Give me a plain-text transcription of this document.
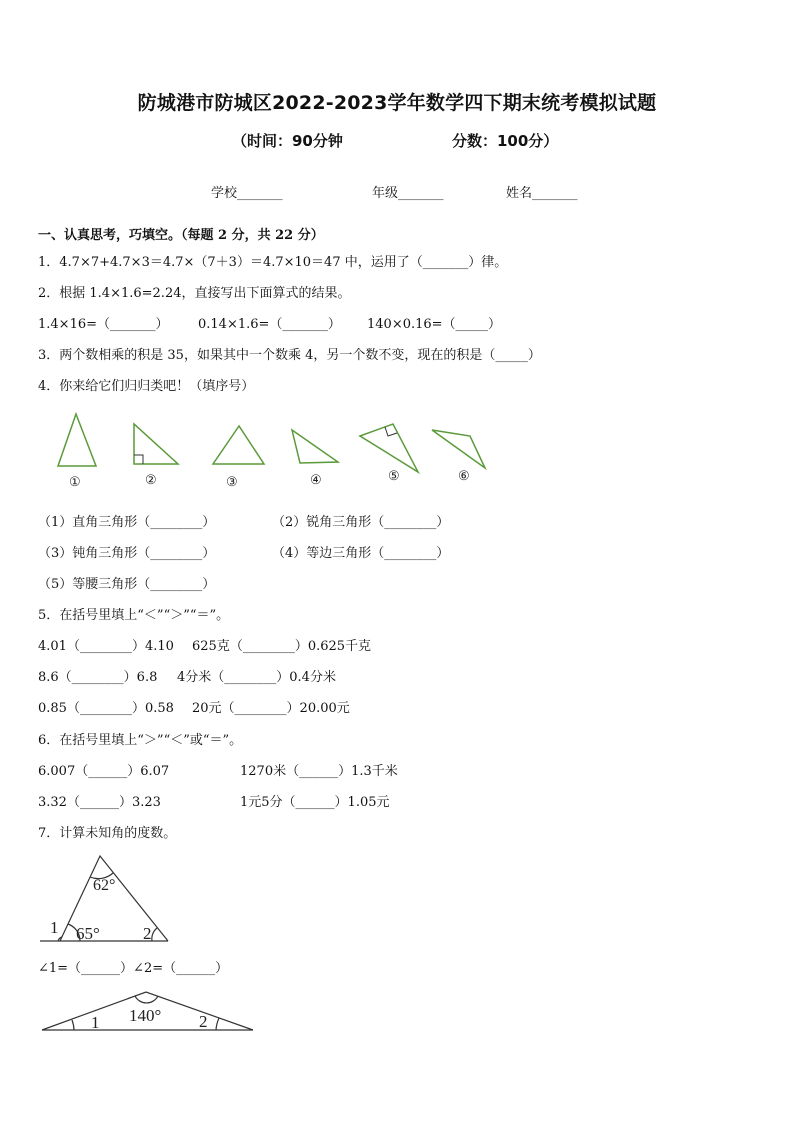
防城港市防城区2022-2023学年数学四下期末统考模拟试题
（时间：90分钟	分数：100分）
学校_______	年级_______	姓名_______
一、认真思考，巧填空。（每题 2 分，共 22 分）
1．4.7×7+4.7×3＝4.7×（7＋3）＝4.7×10＝47 中，运用了（_______）律。
2．根据 1.4×1.6=2.24，直接写出下面算式的结果。
1.4×16=（_______） 0.14×1.6=（_______） 140×0.16=（_____）
3．两个数相乘的积是 35，如果其中一个数乘 4，另一个数不变，现在的积是（_____）
4．你来给它们归归类吧！（填序号）
①	②	③	④	⑤	⑥
（1）直角三角形（________）	（2）锐角三角形（________）
（3）钝角三角形（________）	（4）等边三角形（________）
（5）等腰三角形（________）
5．在括号里填上“＜”“＞”“＝”。
4.01（________）4.10 625克（________）0.625千克
8.6（________）6.8 4分米（________）0.4分米
0.85（________）0.58 20元（________）20.00元
6．在括号里填上“＞”“＜”或“＝”。
6.007（______）6.07	1270米（______）1.3千米
3.32（______）3.23	1元5分（______）1.05元
7．计算未知角的度数。
62°
65°
1	2
∠1=（______）∠2=（______）
140°
1	2
